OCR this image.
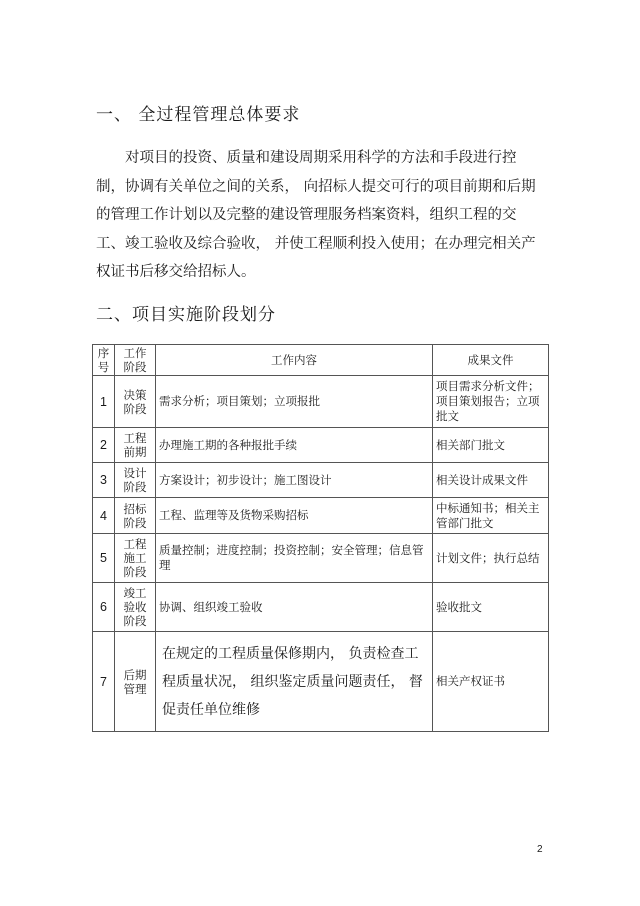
一、 全过程管理总体要求
对项目的投资、质量和建设周期采用科学的方法和手段进行控
制，协调有关单位之间的关系， 向招标人提交可行的项目前期和后期
的管理工作计划以及完整的建设管理服务档案资料，组织工程的交
工、竣工验收及综合验收， 并使工程顺利投入使用；在办理完相关产
权证书后移交给招标人。
二、项目实施阶段划分
序号	工作阶段	工作内容	成果文件
1	决策阶段	需求分析；项目策划；立项报批	项目需求分析文件；项目策划报告；立项批文
2	工程前期	办理施工期的各种报批手续	相关部门批文
3	设计阶段	方案设计；初步设计；施工图设计	相关设计成果文件
4	招标阶段	工程、监理等及货物采购招标	中标通知书；相关主管部门批文
5	工程施工阶段	质量控制；进度控制；投资控制；安全管理；信息管理	计划文件；执行总结
6	竣工验收阶段	协调、组织竣工验收	验收批文
7	后期管理	在规定的工程质量保修期内， 负责检查工程质量状况， 组织鉴定质量问题责任， 督促责任单位维修	相关产权证书
2
